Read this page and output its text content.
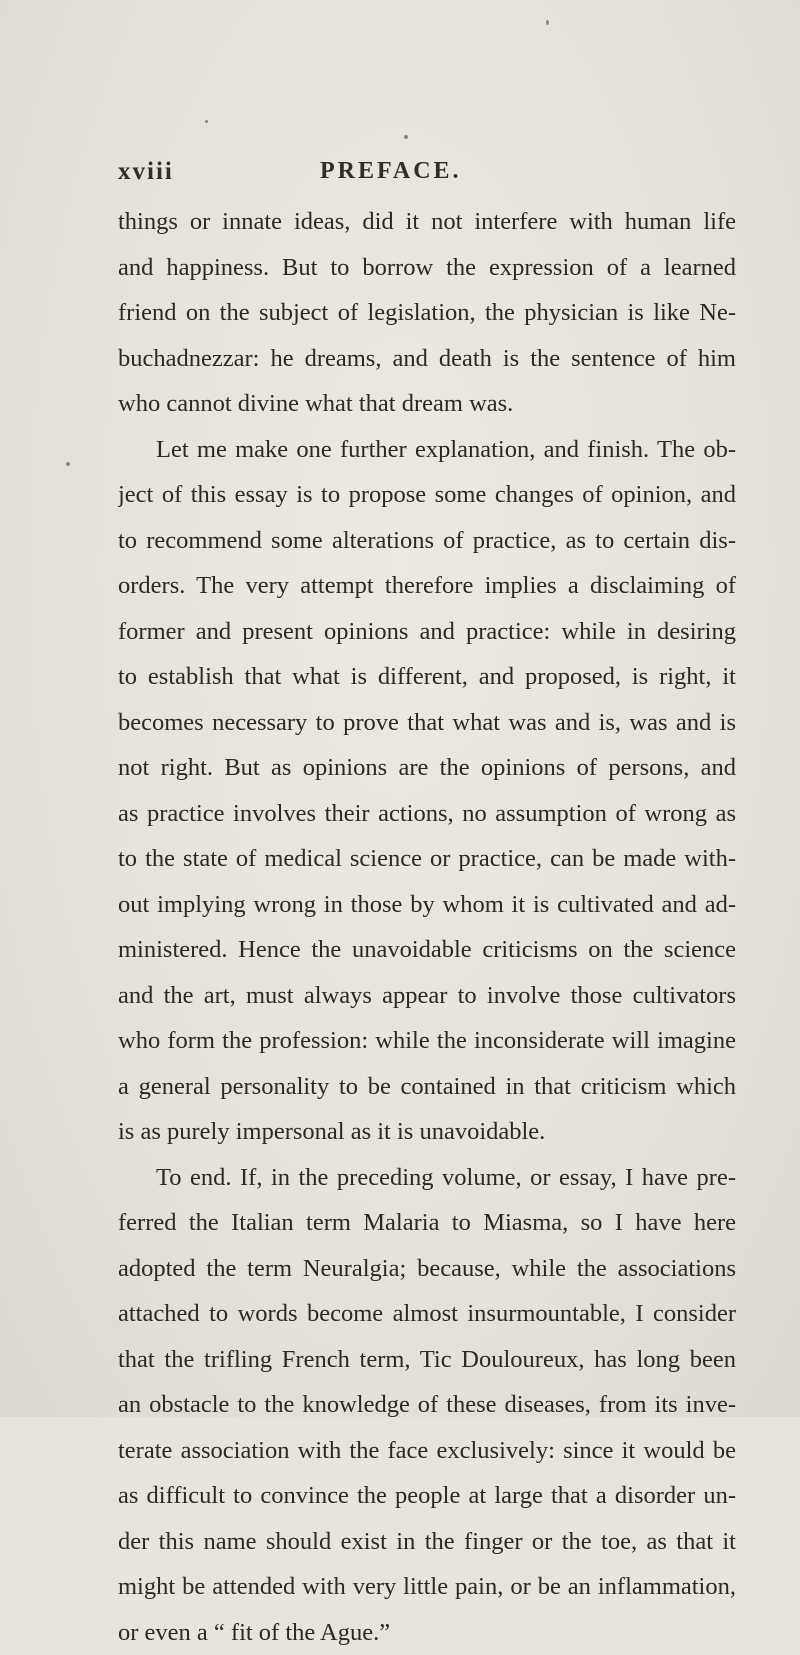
xviii	PREFACE.
things or innate ideas, did it not interfere with human life
and happiness. But to borrow the expression of a learned
friend on the subject of legislation, the physician is like Ne-
buchadnezzar: he dreams, and death is the sentence of him
who cannot divine what that dream was.
Let me make one further explanation, and finish. The ob-
ject of this essay is to propose some changes of opinion, and
to recommend some alterations of practice, as to certain dis-
orders. The very attempt therefore implies a disclaiming of
former and present opinions and practice: while in desiring
to establish that what is different, and proposed, is right, it
becomes necessary to prove that what was and is, was and is
not right. But as opinions are the opinions of persons, and
as practice involves their actions, no assumption of wrong as
to the state of medical science or practice, can be made with-
out implying wrong in those by whom it is cultivated and ad-
ministered. Hence the unavoidable criticisms on the science
and the art, must always appear to involve those cultivators
who form the profession: while the inconsiderate will imagine
a general personality to be contained in that criticism which
is as purely impersonal as it is unavoidable.
To end. If, in the preceding volume, or essay, I have pre-
ferred the Italian term Malaria to Miasma, so I have here
adopted the term Neuralgia; because, while the associations
attached to words become almost insurmountable, I consider
that the trifling French term, Tic Douloureux, has long been
an obstacle to the knowledge of these diseases, from its inve-
terate association with the face exclusively: since it would be
as difficult to convince the people at large that a disorder un-
der this name should exist in the finger or the toe, as that it
might be attended with very little pain, or be an inflammation,
or even a “ fit of the Ague.”
